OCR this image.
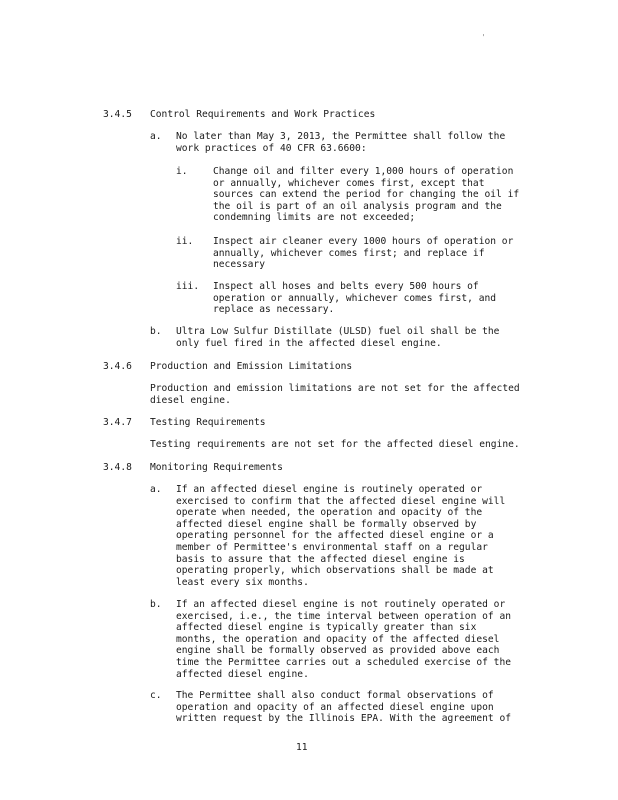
'
3.4.5 Control Requirements and Work Practices
a. No later than May 3, 2013, the Permittee shall follow the

work practices of 40 CFR 63.6600:

i.	Change oil and filter every 1,000 hours of operation

or annually, whichever comes first, except that

sources can extend the period for changing the oil if

the oil is part of an oil analysis program and the

condemning limits are not exceeded;

ii. Inspect air cleaner every 1000 hours of operation or

annually, whichever comes first; and replace if

necessary

iii. Inspect all hoses and belts every 500 hours of

operation or annually, whichever comes first, and

replace as necessary.

b. Ultra Low Sulfur Distillate (ULSD) fuel oil shall be the

only fuel fired in the affected diesel engine.

3.4.6 Production and Emission Limitations

Production and emission limitations are not set for the affected

diesel engine.

3.4.7 Testing Requirements
Testing requirements are not set for the affected diesel engine.
3.4.8 Monitoring Requirements
a. If an affected diesel engine is routinely operated or

exercised to confirm that the affected diesel engine will

operate when needed, the operation and opacity of the

affected diesel engine shall be formally observed by

operating personnel for the affected diesel engine or a

member of Permittee's environmental staff on a regular

basis to assure that the affected diesel engine is

operating properly, which observations shall be made at

least every six months.

b. If an affected diesel engine is not routinely operated or

exercised, i.e., the time interval between operation of an

affected diesel engine is typically greater than six

months, the operation and opacity of the affected diesel

engine shall be formally observed as provided above each

time the Permittee carries out a scheduled exercise of the

affected diesel engine.

c. The Permittee shall also conduct formal observations of

operation and opacity of an affected diesel engine upon

written request by the Illinois EPA. With the agreement of

11
